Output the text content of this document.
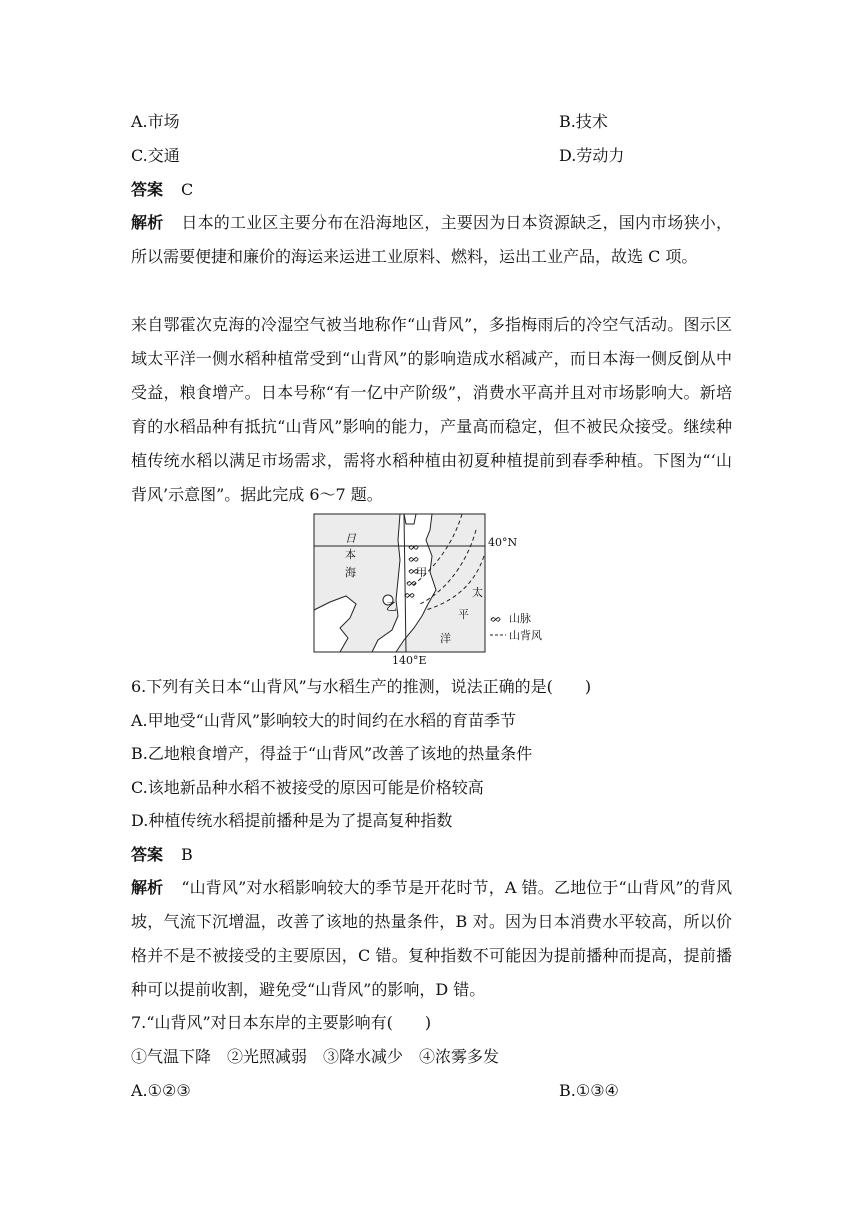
A.市场	B.技术
C.交通	D.劳动力
答案 C
解析 日本的工业区主要分布在沿海地区，主要因为日本资源缺乏，国内市场狭小，所以需要便捷和廉价的海运来运进工业原料、燃料，运出工业产品，故选 C 项。
来自鄂霍次克海的冷湿空气被当地称作“山背风”，多指梅雨后的冷空气活动。图示区域太平洋一侧水稻种植常受到“山背风”的影响造成水稻减产，而日本海一侧反倒从中受益，粮食增产。日本号称“有一亿中产阶级”，消费水平高并且对市场影响大。新培育的水稻品种有抵抗“山背风”影响的能力，产量高而稳定，但不被民众接受。继续种植传统水稻以满足市场需求，需将水稻种植由初夏种植提前到春季种植。下图为“‘山背风’示意图”。据此完成 6～7 题。
ᨖ
ᨖ
ᨖ
ᨖ
ᨖ
日
本
海
太
平
洋
甲
乙
40°N
140°E
ᨖ 山脉
山背风
6.下列有关日本“山背风”与水稻生产的推测，说法正确的是(　　)
A.甲地受“山背风”影响较大的时间约在水稻的育苗季节
B.乙地粮食增产，得益于“山背风”改善了该地的热量条件
C.该地新品种水稻不被接受的原因可能是价格较高
D.种植传统水稻提前播种是为了提高复种指数
答案 B
解析 “山背风”对水稻影响较大的季节是开花时节，A 错。乙地位于“山背风”的背风坡，气流下沉增温，改善了该地的热量条件，B 对。因为日本消费水平较高，所以价格并不是不被接受的主要原因，C 错。复种指数不可能因为提前播种而提高，提前播种可以提前收割，避免受“山背风”的影响，D 错。
7.“山背风”对日本东岸的主要影响有(　　)
①气温下降　②光照减弱　③降水减少　④浓雾多发
A.①②③	B.①③④
